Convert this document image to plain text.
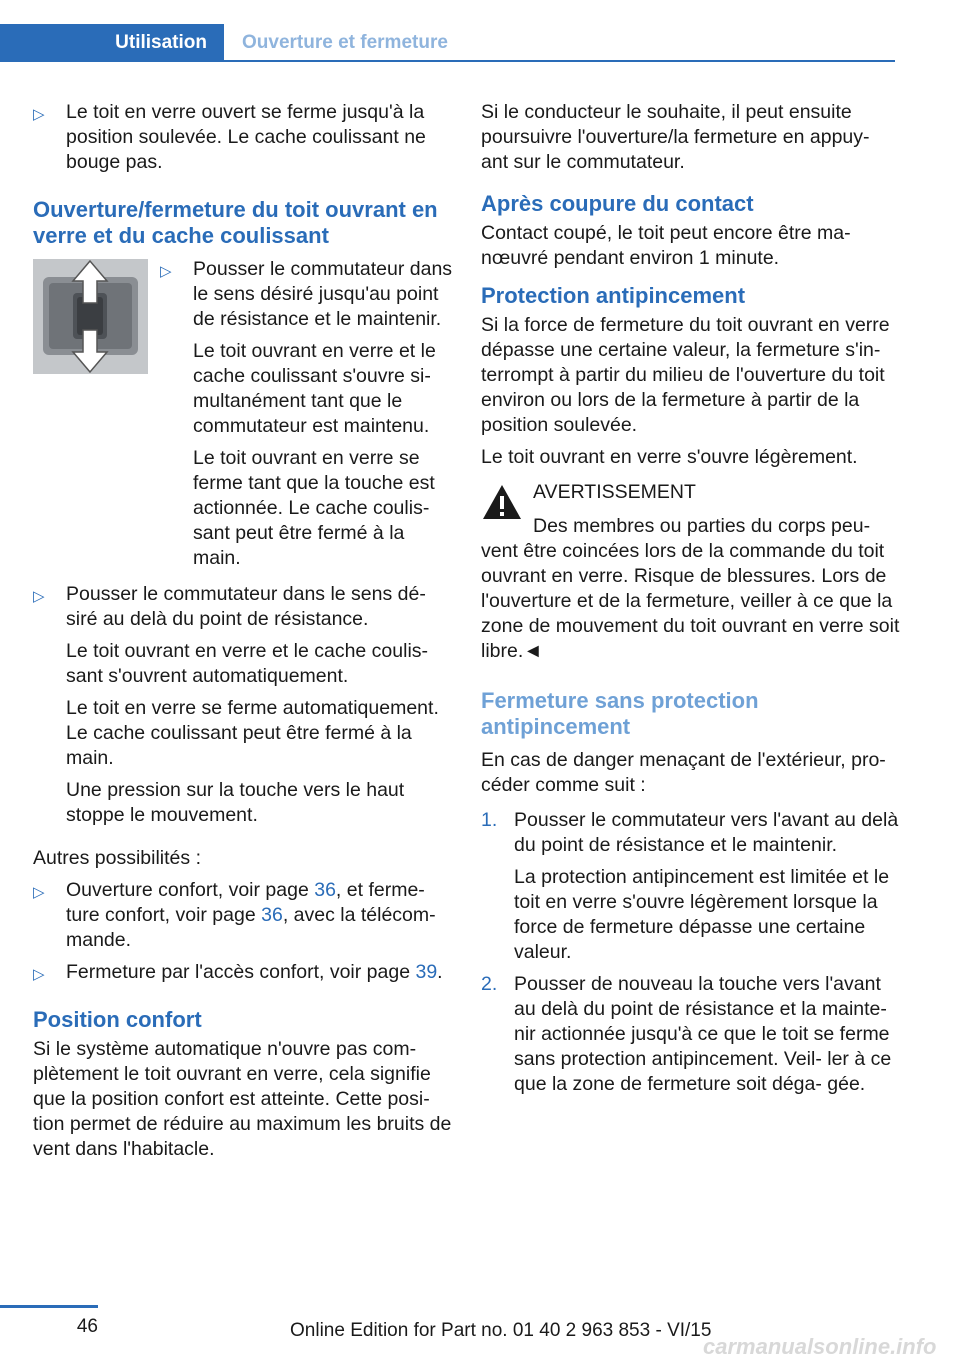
Utilisation Ouverture et fermeture
▷ Le toit en verre ouvert se ferme jusqu'à la position soulevée. Le cache coulissant ne bouge pas.
Ouverture/fermeture du toit ouvrant en verre et du cache coulissant
▷ Pousser le commutateur dans le sens désiré jusqu'au point de résistance et le maintenir.
Le toit ouvrant en verre et le cache coulissant s'ouvre si- multanément tant que le commutateur est maintenu.
Le toit ouvrant en verre se ferme tant que la touche est actionnée. Le cache coulis- sant peut être fermé à la main.
▷ Pousser le commutateur dans le sens dé- siré au delà du point de résistance.
Le toit ouvrant en verre et le cache coulis- sant s'ouvrent automatiquement.
Le toit en verre se ferme automatiquement. Le cache coulissant peut être fermé à la main.
Une pression sur la touche vers le haut stoppe le mouvement.

Autres possibilités :

▷ Ouverture confort, voir page 36, et ferme- ture confort, voir page 36, avec la télécom- mande.
▷ Fermeture par l'accès confort, voir page 39.
Position confort

Si le système automatique n'ouvre pas com- plètement le toit ouvrant en verre, cela signifie que la position confort est atteinte. Cette posi- tion permet de réduire au maximum les bruits de vent dans l'habitacle.

Si le conducteur le souhaite, il peut ensuite poursuivre l'ouverture/la fermeture en appuy- ant sur le commutateur.

Après coupure du contact

Contact coupé, le toit peut encore être ma- nœuvré pendant environ 1 minute.

Protection antipincement

Si la force de fermeture du toit ouvrant en verre dépasse une certaine valeur, la fermeture s'in- terrompt à partir du milieu de l'ouverture du toit environ ou lors de la fermeture à partir de la position soulevée.

Le toit ouvrant en verre s'ouvre légèrement.

AVERTISSEMENT

Des membres ou parties du corps peu- vent être coincées lors de la commande du toit ouvrant en verre. Risque de blessures. Lors de l'ouverture et de la fermeture, veiller à ce que la zone de mouvement du toit ouvrant en verre soit libre.◄

Fermeture sans protection antipincement

En cas de danger menaçant de l'extérieur, pro- céder comme suit :

1. Pousser le commutateur vers l'avant au delà du point de résistance et le maintenir.
La protection antipincement est limitée et le toit en verre s'ouvre légèrement lorsque la force de fermeture dépasse une certaine valeur.
2. Pousser de nouveau la touche vers l'avant au delà du point de résistance et la mainte- nir actionnée jusqu'à ce que le toit se ferme sans protection antipincement. Veil- ler à ce que la zone de fermeture soit déga- gée.
46	Online Edition for Part no. 01 40 2 963 853 - VI/15
carmanualsonline.info
